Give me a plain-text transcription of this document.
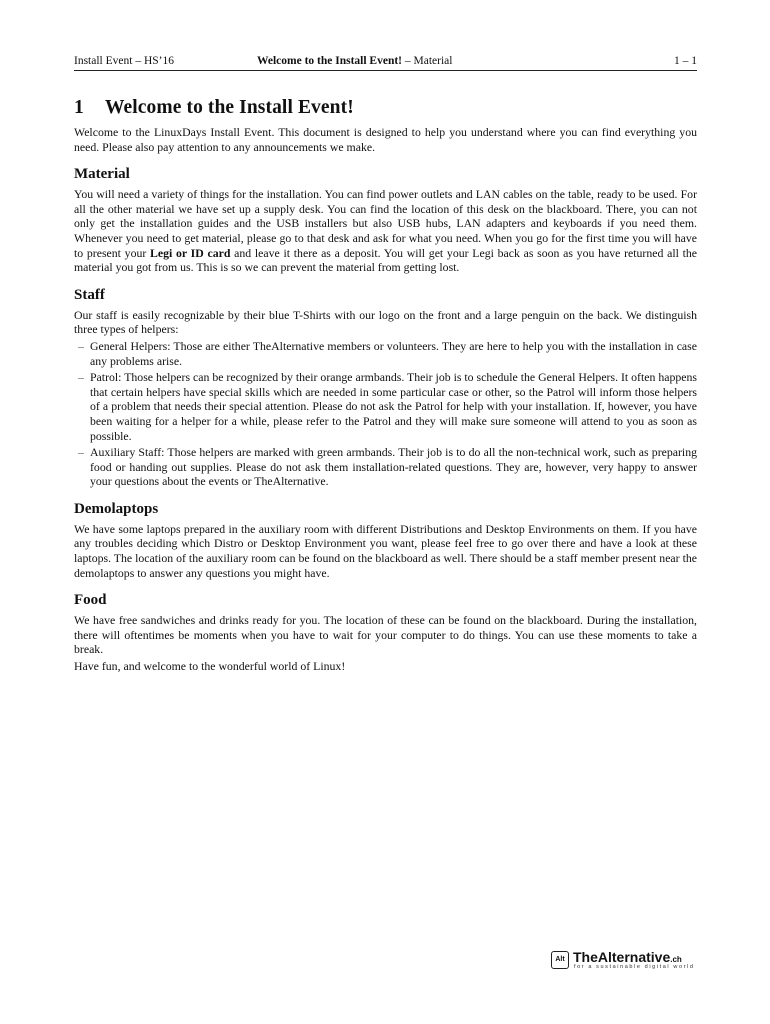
Install Event – HS’16	Welcome to the Install Event! – Material	1 – 1
1 Welcome to the Install Event!

Welcome to the LinuxDays Install Event. This document is designed to help you understand where you can find everything you need. Please also pay attention to any announcements we make.

Material

You will need a variety of things for the installation. You can find power outlets and LAN cables on the table, ready to be used. For all the other material we have set up a supply desk. You can find the location of this desk on the blackboard. There, you can not only get the installation guides and the USB installers but also USB hubs, LAN adapters and keyboards if you need them. Whenever you need to get material, please go to that desk and ask for what you need. When you go for the first time you will have to present your Legi or ID card and leave it there as a deposit. You will get your Legi back as soon as you have returned all the material you got from us. This is so we can prevent the material from getting lost.

Staff

Our staff is easily recognizable by their blue T-Shirts with our logo on the front and a large penguin on the back. We distinguish three types of helpers:

– General Helpers: Those are either TheAlternative members or volunteers. They are here to help you with the installation in case any problems arise.
– Patrol: Those helpers can be recognized by their orange armbands. Their job is to schedule the General Helpers. It often happens that certain helpers have special skills which are needed in some particular case or other, so the Patrol will inform those helpers of a problem that needs their special attention. Please do not ask the Patrol for help with your installation. If, however, you have been waiting for a helper for a while, please refer to the Patrol and they will make sure someone will attend to you as soon as possible.
– Auxiliary Staff: Those helpers are marked with green armbands. Their job is to do all the non-technical work, such as preparing food or handing out supplies. Please do not ask them installation-related questions. They are, however, very happy to answer your questions about the events or TheAlternative.
Demolaptops

We have some laptops prepared in the auxiliary room with different Distributions and Desktop Environments on them. If you have any troubles deciding which Distro or Desktop Environment you want, please feel free to go over there and have a look at these laptops. The location of the auxiliary room can be found on the blackboard as well. There should be a staff member present near the demolaptops to answer any questions you might have.

Food

We have free sandwiches and drinks ready for you. The location of these can be found on the blackboard. During the installation, there will oftentimes be moments when you have to wait for your computer to do things. You can use these moments to take a break.

Have fun, and welcome to the wonderful world of Linux!

Alt TheAlternative.ch
for a sustainable digital world
